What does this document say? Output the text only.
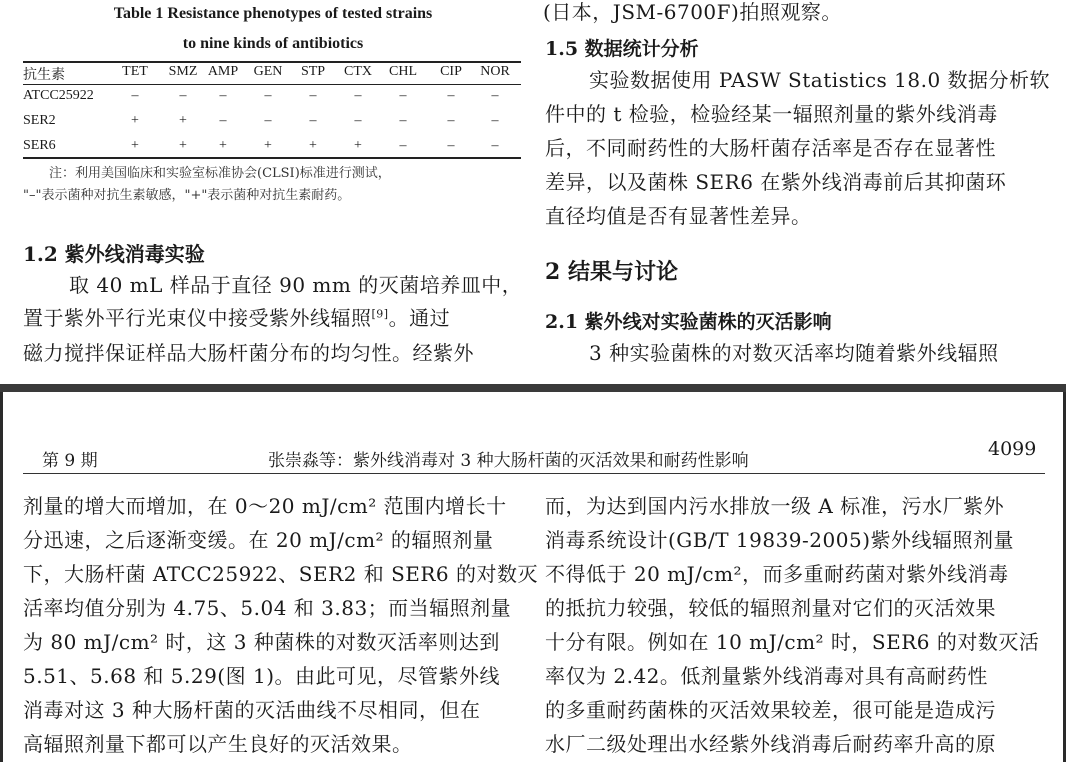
Table 1 Resistance phenotypes of tested strains
to nine kinds of antibiotics
抗生素	TET	SMZ AMP	GEN	STP	CTX	CHL	CIP	NOR
ATCC25922	–	–	–	–	–	–	–	–	–
SER2	+	+	–	–	–	–	–	–	–
SER6	+	+	+	+	+	+	–	–	–
注：利用美国临床和实验室标准协会(CLSI)标准进行测试，
"–"表示菌种对抗生素敏感，"+"表示菌种对抗生素耐药。
1.2 紫外线消毒实验
取 40 mL 样品于直径 90 mm 的灭菌培养皿中，
置于紫外平行光束仪中接受紫外线辐照[9]。通过
磁力搅拌保证样品大肠杆菌分布的均匀性。经紫外
(日本，JSM-6700F)拍照观察。
1.5 数据统计分析
实验数据使用 PASW Statistics 18.0 数据分析软
件中的 t 检验，检验经某一辐照剂量的紫外线消毒
后，不同耐药性的大肠杆菌存活率是否存在显著性
差异，以及菌株 SER6 在紫外线消毒前后其抑菌环
直径均值是否有显著性差异。
2 结果与讨论
2.1 紫外线对实验菌株的灭活影响
3 种实验菌株的对数灭活率均随着紫外线辐照
第 9 期	张崇淼等：紫外线消毒对 3 种大肠杆菌的灭活效果和耐药性影响
4099
剂量的增大而增加，在 0～20 mJ/cm² 范围内增长十
分迅速，之后逐渐变缓。在 20 mJ/cm² 的辐照剂量
下，大肠杆菌 ATCC25922、SER2 和 SER6 的对数灭
活率均值分别为 4.75、5.04 和 3.83；而当辐照剂量
为 80 mJ/cm² 时，这 3 种菌株的对数灭活率则达到
5.51、5.68 和 5.29(图 1)。由此可见，尽管紫外线
消毒对这 3 种大肠杆菌的灭活曲线不尽相同，但在
高辐照剂量下都可以产生良好的灭活效果。
而，为达到国内污水排放一级 A 标准，污水厂紫外
消毒系统设计(GB/T 19839-2005)紫外线辐照剂量
不得低于 20 mJ/cm²，而多重耐药菌对紫外线消毒
的抵抗力较强，较低的辐照剂量对它们的灭活效果
十分有限。例如在 10 mJ/cm² 时，SER6 的对数灭活
率仅为 2.42。低剂量紫外线消毒对具有高耐药性
的多重耐药菌株的灭活效果较差，很可能是造成污
水厂二级处理出水经紫外线消毒后耐药率升高的原
